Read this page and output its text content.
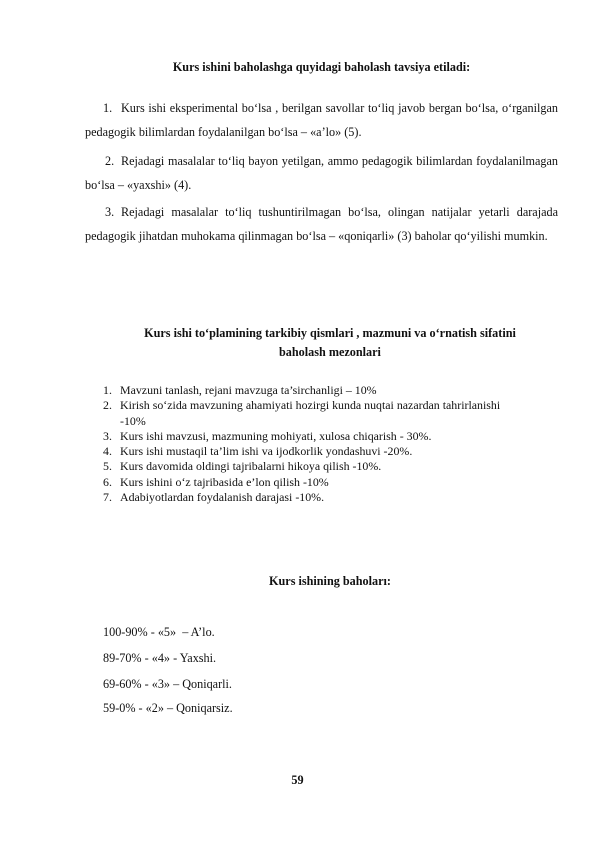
Kurs ishini baholashga quyidagi baholash tavsiya etiladi:
1. Kurs ishi eksperimental bo‘lsa , berilgan savollar to‘liq javob bergan bo‘lsa, o‘rganilgan pedagogik bilimlardan foydalanilgan bo‘lsa – «a’lo» (5).
2. Rejadagi masalalar to‘liq bayon yetilgan, ammo pedagogik bilimlardan foydalanilmagan bo‘lsa – «yaxshi» (4).
3. Rejadagi masalalar to‘liq tushuntirilmagan bo‘lsa, olingan natijalar yetarli darajada pedagogik jihatdan muhokama qilinmagan bo‘lsa – «qoniqarli» (3) baholar qo‘yilishi mumkin.
Kurs ishi to‘plamining tarkibiy qismlari , mazmuni va o‘rnatish sifatini
baholash mezonlari
1. Mavzuni tanlash, rejani mavzuga ta’sirchanligi – 10%
2. Kirish so‘zida mavzuning ahamiyati hozirgi kunda nuqtai nazardan tahrirlanishi -10%
3. Kurs ishi mavzusi, mazmuning mohiyati, xulosa chiqarish - 30%.
4. Kurs ishi mustaqil ta’lim ishi va ijodkorlik yondashuvi -20%.
5. Kurs davomida oldingi tajribalarni hikoya qilish -10%.
6. Kurs ishini o‘z tajribasida e’lon qilish -10%
7. Adabiyotlardan foydalanish darajasi -10%.
Kurs ishining bahoları:
100-90% - «5»  – A’lo.
89-70% - «4» - Yaxshi.
69-60% - «3» – Qoniqarli.
59-0% - «2» – Qoniqarsiz.
59
